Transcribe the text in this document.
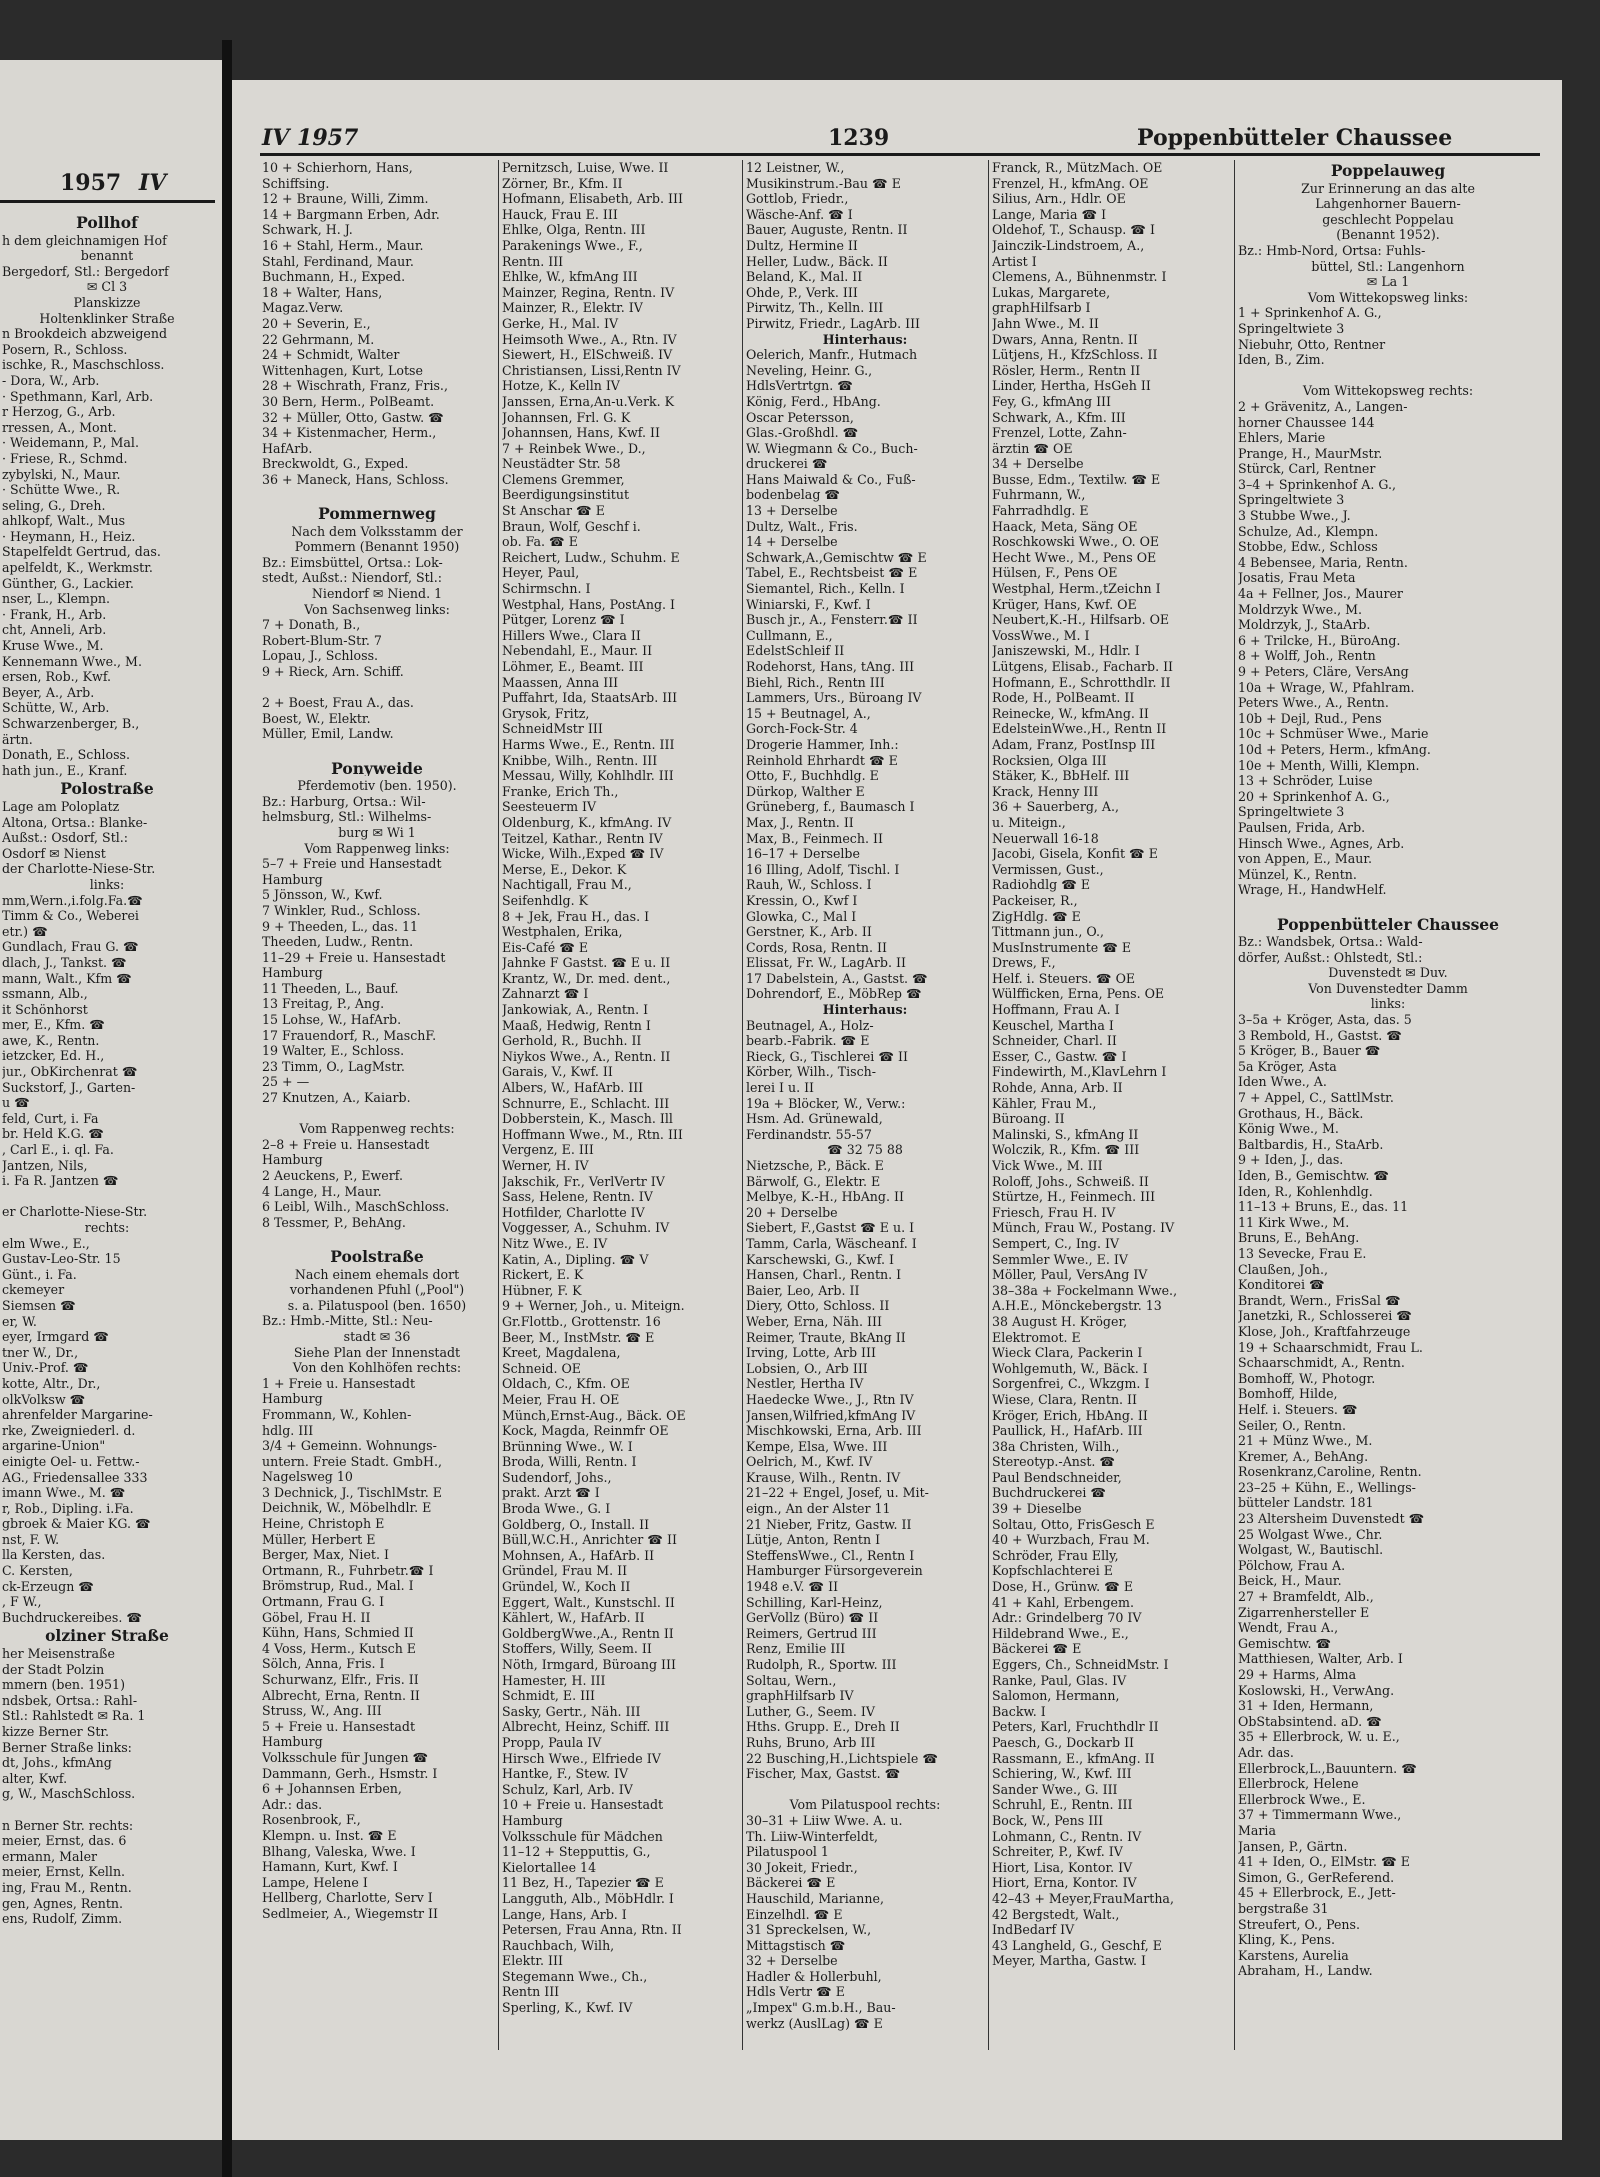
1957 IV
Pollhof
h dem gleichnamigen Hof
benannt
Bergedorf, Stl.: Bergedorf
✉ Cl 3
Planskizze
Holtenklinker Straße
n Brookdeich abzweigend
Posern, R., Schloss.
ischke, R., Maschschloss.
- Dora, W., Arb.
· Spethmann, Karl, Arb.
r Herzog, G., Arb.
rressen, A., Mont.
· Weidemann, P., Mal.
· Friese, R., Schmd.
zybylski, N., Maur.
· Schütte Wwe., R.
seling, G., Dreh.
ahlkopf, Walt., Mus
· Heymann, H., Heiz.
Stapelfeldt Gertrud, das.
apelfeldt, K., Werkmstr.
Günther, G., Lackier.
nser, L., Klempn.
· Frank, H., Arb.
cht, Anneli, Arb.
Kruse Wwe., M.
Kennemann Wwe., M.
ersen, Rob., Kwf.
Beyer, A., Arb.
Schütte, W., Arb.
Schwarzenberger, B.,
ärtn.
Donath, E., Schloss.
hath jun., E., Kranf.
Polostraße
Lage am Poloplatz
Altona, Ortsa.: Blanke-
Außst.: Osdorf, Stl.:
Osdorf ✉ Nienst
der Charlotte-Niese-Str.
links:
mm,Wern.,i.folg.Fa.☎
Timm & Co., Weberei
etr.) ☎
Gundlach, Frau G. ☎
dlach, J., Tankst. ☎
mann, Walt., Kfm ☎
ssmann, Alb.,
it Schönhorst
mer, E., Kfm. ☎
awe, K., Rentn.
ietzcker, Ed. H.,
jur., ObKirchenrat ☎
Suckstorf, J., Garten-
u ☎
feld, Curt, i. Fa
br. Held K.G. ☎
, Carl E., i. ql. Fa.
Jantzen, Nils,
i. Fa R. Jantzen ☎

er Charlotte-Niese-Str.
rechts:
elm Wwe., E.,
Gustav-Leo-Str. 15
Günt., i. Fa.
ckemeyer
Siemsen ☎
er, W.
eyer, Irmgard ☎
tner W., Dr.,
Univ.-Prof. ☎
kotte, Altr., Dr.,
olkVolksw ☎
ahrenfelder Margarine-
rke, Zweigniederl. d.
argarine-Union"
einigte Oel- u. Fettw.-
AG., Friedensallee 333
imann Wwe., M. ☎
r, Rob., Dipling. i.Fa.
gbroek & Maier KG. ☎
nst, F. W.
lla Kersten, das.
C. Kersten,
ck-Erzeugn ☎
, F W.,
Buchdruckereibes. ☎
olziner Straße
her Meisenstraße
der Stadt Polzin
mmern (ben. 1951)
ndsbek, Ortsa.: Rahl-
Stl.: Rahlstedt ✉ Ra. 1
kizze Berner Str.
Berner Straße links:
dt, Johs., kfmAng
alter, Kwf.
g, W., MaschSchloss.

n Berner Str. rechts:
meier, Ernst, das. 6
ermann, Maler
meier, Ernst, Kelln.
ing, Frau M., Rentn.
gen, Agnes, Rentn.
ens, Rudolf, Zimm.
IV 1957	1239	Poppenbütteler Chaussee
10 + Schierhorn, Hans,
Schiffsing.
12 + Braune, Willi, Zimm.
14 + Bargmann Erben, Adr.
Schwark, H. J.
16 + Stahl, Herm., Maur.
Stahl, Ferdinand, Maur.
Buchmann, H., Exped.
18 + Walter, Hans,
Magaz.Verw.
20 + Severin, E.,
22 Gehrmann, M.
24 + Schmidt, Walter
Wittenhagen, Kurt, Lotse
28 + Wischrath, Franz, Fris.,
30 Bern, Herm., PolBeamt.
32 + Müller, Otto, Gastw. ☎
34 + Kistenmacher, Herm.,
HafArb.
Breckwoldt, G., Exped.
36 + Maneck, Hans, Schloss.

Pommernweg
Nach dem Volksstamm der
Pommern (Benannt 1950)
Bz.: Eimsbüttel, Ortsa.: Lok-
stedt, Außst.: Niendorf, Stl.:
Niendorf ✉ Niend. 1
Von Sachsenweg links:
7 + Donath, B.,
Robert-Blum-Str. 7
Lopau, J., Schloss.
9 + Rieck, Arn. Schiff.

2 + Boest, Frau A., das.
Boest, W., Elektr.
Müller, Emil, Landw.

Ponyweide
Pferdemotiv (ben. 1950).
Bz.: Harburg, Ortsa.: Wil-
helmsburg, Stl.: Wilhelms-
burg ✉ Wi 1
Vom Rappenweg links:
5–7 + Freie und Hansestadt
Hamburg
5 Jönsson, W., Kwf.
7 Winkler, Rud., Schloss.
9 + Theeden, L., das. 11
Theeden, Ludw., Rentn.
11–29 + Freie u. Hansestadt
Hamburg
11 Theeden, L., Bauf.
13 Freitag, P., Ang.
15 Lohse, W., HafArb.
17 Frauendorf, R., MaschF.
19 Walter, E., Schloss.
23 Timm, O., LagMstr.
25 + —
27 Knutzen, A., Kaiarb.

Vom Rappenweg rechts:
2–8 + Freie u. Hansestadt
Hamburg
2 Aeuckens, P., Ewerf.
4 Lange, H., Maur.
6 Leibl, Wilh., MaschSchloss.
8 Tessmer, P., BehAng.

Poolstraße
Nach einem ehemals dort
vorhandenen Pfuhl („Pool")
s. a. Pilatuspool (ben. 1650)
Bz.: Hmb.-Mitte, Stl.: Neu-
stadt ✉ 36
Siehe Plan der Innenstadt
Von den Kohlhöfen rechts:
1 + Freie u. Hansestadt
Hamburg
Frommann, W., Kohlen-
hdlg. III
3/4 + Gemeinn. Wohnungs-
untern. Freie Stadt. GmbH.,
Nagelsweg 10
3 Dechnick, J., TischlMstr. E
Deichnik, W., Möbelhdlr. E
Heine, Christoph E
Müller, Herbert E
Berger, Max, Niet. I
Ortmann, R., Fuhrbetr.☎ I
Brömstrup, Rud., Mal. I
Ortmann, Frau G. I
Göbel, Frau H. II
Kühn, Hans, Schmied II
4 Voss, Herm., Kutsch E
Sölch, Anna, Fris. I
Schurwanz, Elfr., Fris. II
Albrecht, Erna, Rentn. II
Struss, W., Ang. III
5 + Freie u. Hansestadt
Hamburg
Volksschule für Jungen ☎
Dammann, Gerh., Hsmstr. I
6 + Johannsen Erben,
Adr.: das.
Rosenbrook, F.,
Klempn. u. Inst. ☎ E
Blhang, Valeska, Wwe. I
Hamann, Kurt, Kwf. I
Lampe, Helene I
Hellberg, Charlotte, Serv I
Sedlmeier, A., Wiegemstr II
Pernitzsch, Luise, Wwe. II
Zörner, Br., Kfm. II
Hofmann, Elisabeth, Arb. III
Hauck, Frau E. III
Ehlke, Olga, Rentn. III
Parakenings Wwe., F.,
Rentn. III
Ehlke, W., kfmAng III
Mainzer, Regina, Rentn. IV
Mainzer, R., Elektr. IV
Gerke, H., Mal. IV
Heimsoth Wwe., A., Rtn. IV
Siewert, H., ElSchweiß. IV
Christiansen, Lissi,Rentn IV
Hotze, K., Kelln IV
Janssen, Erna,An-u.Verk. K
Johannsen, Frl. G. K
Johannsen, Hans, Kwf. II
7 + Reinbek Wwe., D.,
Neustädter Str. 58
Clemens Gremmer,
Beerdigungsinstitut
St Anschar ☎ E
Braun, Wolf, Geschf i.
ob. Fa. ☎ E
Reichert, Ludw., Schuhm. E
Heyer, Paul,
Schirmschn. I
Westphal, Hans, PostAng. I
Pütger, Lorenz ☎ I
Hillers Wwe., Clara II
Nebendahl, E., Maur. II
Löhmer, E., Beamt. III
Maassen, Anna III
Puffahrt, Ida, StaatsArb. III
Grysok, Fritz,
SchneidMstr III
Harms Wwe., E., Rentn. III
Knibbe, Wilh., Rentn. III
Messau, Willy, Kohlhdlr. III
Franke, Erich Th.,
Seesteuerm IV
Oldenburg, K., kfmAng. IV
Teitzel, Kathar., Rentn IV
Wicke, Wilh.,Exped ☎ IV
Merse, E., Dekor. K
Nachtigall, Frau M.,
Seifenhdlg. K
8 + Jek, Frau H., das. I
Westphalen, Erika,
Eis-Café ☎ E
Jahnke F Gastst. ☎ E u. II
Krantz, W., Dr. med. dent.,
Zahnarzt ☎ I
Jankowiak, A., Rentn. I
Maaß, Hedwig, Rentn I
Gerhold, R., Buchh. II
Niykos Wwe., A., Rentn. II
Garais, V., Kwf. II
Albers, W., HafArb. III
Schnurre, E., Schlacht. III
Dobberstein, K., Masch. Ill
Hoffmann Wwe., M., Rtn. III
Vergenz, E. III
Werner, H. IV
Jakschik, Fr., VerlVertr IV
Sass, Helene, Rentn. IV
Hotfilder, Charlotte IV
Voggesser, A., Schuhm. IV
Nitz Wwe., E. IV
Katin, A., Dipling. ☎ V
Rickert, E. K
Hübner, F. K
9 + Werner, Joh., u. Miteign.
Gr.Flottb., Grottenstr. 16
Beer, M., InstMstr. ☎ E
Kreet, Magdalena,
Schneid. OE
Oldach, C., Kfm. OE
Meier, Frau H. OE
Münch,Ernst-Aug., Bäck. OE
Kock, Magda, Reinmfr OE
Brünning Wwe., W. I
Broda, Willi, Rentn. I
Sudendorf, Johs.,
prakt. Arzt ☎ I
Broda Wwe., G. I
Goldberg, O., Install. II
Büll,W.C.H., Anrichter ☎ II
Mohnsen, A., HafArb. II
Gründel, Frau M. II
Gründel, W., Koch II
Eggert, Walt., Kunstschl. II
Kählert, W., HafArb. II
GoldbergWwe.,A., Rentn II
Stoffers, Willy, Seem. II
Nöth, Irmgard, Büroang III
Hamester, H. III
Schmidt, E. III
Sasky, Gertr., Näh. III
Albrecht, Heinz, Schiff. III
Propp, Paula IV
Hirsch Wwe., Elfriede IV
Hantke, F., Stew. IV
Schulz, Karl, Arb. IV
10 + Freie u. Hansestadt
Hamburg
Volksschule für Mädchen
11–12 + Stepputtis, G.,
Kielortallee 14
11 Bez, H., Tapezier ☎ E
Langguth, Alb., MöbHdlr. I
Lange, Hans, Arb. I
Petersen, Frau Anna, Rtn. II
Rauchbach, Wilh,
Elektr. III
Stegemann Wwe., Ch.,
Rentn III
Sperling, K., Kwf. IV
12 Leistner, W.,
Musikinstrum.-Bau ☎ E
Gottlob, Friedr.,
Wäsche-Anf. ☎ I
Bauer, Auguste, Rentn. II
Dultz, Hermine II
Heller, Ludw., Bäck. II
Beland, K., Mal. II
Ohde, P., Verk. III
Pirwitz, Th., Kelln. III
Pirwitz, Friedr., LagArb. III
Hinterhaus:
Oelerich, Manfr., Hutmach
Neveling, Heinr. G.,
HdlsVertrtgn. ☎
König, Ferd., HbAng.
Oscar Petersson,
Glas.-Großhdl. ☎
W. Wiegmann & Co., Buch-
druckerei ☎
Hans Maiwald & Co., Fuß-
bodenbelag ☎
13 + Derselbe
Dultz, Walt., Fris.
14 + Derselbe
Schwark,A.,Gemischtw ☎ E
Tabel, E., Rechtsbeist ☎ E
Siemantel, Rich., Kelln. I
Winiarski, F., Kwf. I
Busch jr., A., Fensterr.☎ II
Cullmann, E.,
EdelstSchleif II
Rodehorst, Hans, tAng. III
Biehl, Rich., Rentn III
Lammers, Urs., Büroang IV
15 + Beutnagel, A.,
Gorch-Fock-Str. 4
Drogerie Hammer, Inh.:
Reinhold Ehrhardt ☎ E
Otto, F., Buchhdlg. E
Dürkop, Walther E
Grüneberg, f., Baumasch I
Max, J., Rentn. II
Max, B., Feinmech. II
16–17 + Derselbe
16 Illing, Adolf, Tischl. I
Rauh, W., Schloss. I
Kressin, O., Kwf I
Glowka, C., Mal I
Gerstner, K., Arb. II
Cords, Rosa, Rentn. II
Elissat, Fr. W., LagArb. II
17 Dabelstein, A., Gastst. ☎
Dohrendorf, E., MöbRep ☎
Hinterhaus:
Beutnagel, A., Holz-
bearb.-Fabrik. ☎ E
Rieck, G., Tischlerei ☎ II
Körber, Wilh., Tisch-
lerei I u. II
19a + Blöcker, W., Verw.:
Hsm. Ad. Grünewald,
Ferdinandstr. 55-57
☎ 32 75 88
Nietzsche, P., Bäck. E
Bärwolf, G., Elektr. E
Melbye, K.-H., HbAng. II
20 + Derselbe
Siebert, F.,Gastst ☎ E u. I
Tamm, Carla, Wäscheanf. I
Karschewski, G., Kwf. I
Hansen, Charl., Rentn. I
Baier, Leo, Arb. II
Diery, Otto, Schloss. II
Weber, Erna, Näh. III
Reimer, Traute, BkAng II
Irving, Lotte, Arb III
Lobsien, O., Arb III
Nestler, Hertha IV
Haedecke Wwe., J., Rtn IV
Jansen,Wilfried,kfmAng IV
Mischkowski, Erna, Arb. III
Kempe, Elsa, Wwe. III
Oelrich, M., Kwf. IV
Krause, Wilh., Rentn. IV
21–22 + Engel, Josef, u. Mit-
eign., An der Alster 11
21 Nieber, Fritz, Gastw. II
Lütje, Anton, Rentn I
SteffensWwe., Cl., Rentn I
Hamburger Fürsorgeverein
1948 e.V. ☎ II
Schilling, Karl-Heinz,
GerVollz (Büro) ☎ II
Reimers, Gertrud III
Renz, Emilie III
Rudolph, R., Sportw. III
Soltau, Wern.,
graphHilfsarb IV
Luther, G., Seem. IV
Hths. Grupp. E., Dreh II
Ruhs, Bruno, Arb III
22 Busching,H.,Lichtspiele ☎
Fischer, Max, Gastst. ☎

Vom Pilatuspool rechts:
30–31 + Liiw Wwe. A. u.
Th. Liiw-Winterfeldt,
Pilatuspool 1
30 Jokeit, Friedr.,
Bäckerei ☎ E
Hauschild, Marianne,
Einzelhdl. ☎ E
31 Spreckelsen, W.,
Mittagstisch ☎
32 + Derselbe
Hadler & Hollerbuhl,
Hdls Vertr ☎ E
„Impex" G.m.b.H., Bau-
werkz (AuslLag) ☎ E
Franck, R., MützMach. OE
Frenzel, H., kfmAng. OE
Silius, Arn., Hdlr. OE
Lange, Maria ☎ I
Oldehof, T., Schausp. ☎ I
Jainczik-Lindstroem, A.,
Artist I
Clemens, A., Bühnenmstr. I
Lukas, Margarete,
graphHilfsarb I
Jahn Wwe., M. II
Dwars, Anna, Rentn. II
Lütjens, H., KfzSchloss. II
Rösler, Herm., Rentn II
Linder, Hertha, HsGeh II
Fey, G., kfmAng III
Schwark, A., Kfm. III
Frenzel, Lotte, Zahn-
ärztin ☎ OE
34 + Derselbe
Busse, Edm., Textilw. ☎ E
Fuhrmann, W.,
Fahrradhdlg. E
Haack, Meta, Säng OE
Roschkowski Wwe., O. OE
Hecht Wwe., M., Pens OE
Hülsen, F., Pens OE
Westphal, Herm.,tZeichn I
Krüger, Hans, Kwf. OE
Neubert,K.-H., Hilfsarb. OE
VossWwe., M. I
Janiszewski, M., Hdlr. I
Lütgens, Elisab., Facharb. II
Hofmann, E., Schrotthdlr. II
Rode, H., PolBeamt. II
Reinecke, W., kfmAng. II
EdelsteinWwe.,H., Rentn II
Adam, Franz, PostInsp III
Rocksien, Olga III
Stäker, K., BbHelf. III
Krack, Henny III
36 + Sauerberg, A.,
u. Miteign.,
Neuerwall 16-18
Jacobi, Gisela, Konfit ☎ E
Vermissen, Gust.,
Radiohdlg ☎ E
Packeiser, R.,
ZigHdlg. ☎ E
Tittmann jun., O.,
MusInstrumente ☎ E
Drews, F.,
Helf. i. Steuers. ☎ OE
Wülfficken, Erna, Pens. OE
Hoffmann, Frau A. I
Keuschel, Martha I
Schneider, Charl. II
Esser, C., Gastw. ☎ I
Findewirth, M.,KlavLehrn I
Rohde, Anna, Arb. II
Kähler, Frau M.,
Büroang. II
Malinski, S., kfmAng II
Wolczik, R., Kfm. ☎ III
Vick Wwe., M. III
Roloff, Johs., Schweiß. II
Stürtze, H., Feinmech. III
Friesch, Frau H. IV
Münch, Frau W., Postang. IV
Sempert, C., Ing. IV
Semmler Wwe., E. IV
Möller, Paul, VersAng IV
38–38a + Fockelmann Wwe.,
A.H.E., Mönckebergstr. 13
38 August H. Kröger,
Elektromot. E
Wieck Clara, Packerin I
Wohlgemuth, W., Bäck. I
Sorgenfrei, C., Wkzgm. I
Wiese, Clara, Rentn. II
Kröger, Erich, HbAng. II
Paullick, H., HafArb. III
38a Christen, Wilh.,
Stereotyp.-Anst. ☎
Paul Bendschneider,
Buchdruckerei ☎
39 + Dieselbe
Soltau, Otto, FrisGesch E
40 + Wurzbach, Frau M.
Schröder, Frau Elly,
Kopfschlachterei E
Dose, H., Grünw. ☎ E
41 + Kahl, Erbengem.
Adr.: Grindelberg 70 IV
Hildebrand Wwe., E.,
Bäckerei ☎ E
Eggers, Ch., SchneidMstr. I
Ranke, Paul, Glas. IV
Salomon, Hermann,
Backw. I
Peters, Karl, Fruchthdlr II
Paesch, G., Dockarb II
Rassmann, E., kfmAng. II
Schiering, W., Kwf. III
Sander Wwe., G. III
Schruhl, E., Rentn. III
Bock, W., Pens III
Lohmann, C., Rentn. IV
Schreiter, P., Kwf. IV
Hiort, Lisa, Kontor. IV
Hiort, Erna, Kontor. IV
42–43 + Meyer,FrauMartha,
42 Bergstedt, Walt.,
IndBedarf IV
43 Langheld, G., Geschf, E
Meyer, Martha, Gastw. I
Poppelauweg
Zur Erinnerung an das alte
Lahgenhorner Bauern-
geschlecht Poppelau
(Benannt 1952).
Bz.: Hmb-Nord, Ortsa: Fuhls-
büttel, Stl.: Langenhorn
✉ La 1
Vom Wittekopsweg links:
1 + Sprinkenhof A. G.,
Springeltwiete 3
Niebuhr, Otto, Rentner
Iden, B., Zim.

Vom Wittekopsweg rechts:
2 + Grävenitz, A., Langen-
horner Chaussee 144
Ehlers, Marie
Prange, H., MaurMstr.
Stürck, Carl, Rentner
3–4 + Sprinkenhof A. G.,
Springeltwiete 3
3 Stubbe Wwe., J.
Schulze, Ad., Klempn.
Stobbe, Edw., Schloss
4 Bebensee, Maria, Rentn.
Josatis, Frau Meta
4a + Fellner, Jos., Maurer
Moldrzyk Wwe., M.
Moldrzyk, J., StaArb.
6 + Trilcke, H., BüroAng.
8 + Wolff, Joh., Rentn
9 + Peters, Cläre, VersAng
10a + Wrage, W., Pfahlram.
Peters Wwe., A., Rentn.
10b + Dejl, Rud., Pens
10c + Schmüser Wwe., Marie
10d + Peters, Herm., kfmAng.
10e + Menth, Willi, Klempn.
13 + Schröder, Luise
20 + Sprinkenhof A. G.,
Springeltwiete 3
Paulsen, Frida, Arb.
Hinsch Wwe., Agnes, Arb.
von Appen, E., Maur.
Münzel, K., Rentn.
Wrage, H., HandwHelf.

Poppenbütteler Chaussee
Bz.: Wandsbek, Ortsa.: Wald-
dörfer, Außst.: Ohlstedt, Stl.:
Duvenstedt ✉ Duv.
Von Duvenstedter Damm
links:
3–5a + Kröger, Asta, das. 5
3 Rembold, H., Gastst. ☎
5 Kröger, B., Bauer ☎
5a Kröger, Asta
Iden Wwe., A.
7 + Appel, C., SattlMstr.
Grothaus, H., Bäck.
König Wwe., M.
Baltbardis, H., StaArb.
9 + Iden, J., das.
Iden, B., Gemischtw. ☎
Iden, R., Kohlenhdlg.
11–13 + Bruns, E., das. 11
11 Kirk Wwe., M.
Bruns, E., BehAng.
13 Sevecke, Frau E.
Claußen, Joh.,
Konditorei ☎
Brandt, Wern., FrisSal ☎
Janetzki, R., Schlosserei ☎
Klose, Joh., Kraftfahrzeuge
19 + Schaarschmidt, Frau L.
Schaarschmidt, A., Rentn.
Bomhoff, W., Photogr.
Bomhoff, Hilde,
Helf. i. Steuers. ☎
Seiler, O., Rentn.
21 + Münz Wwe., M.
Kremer, A., BehAng.
Rosenkranz,Caroline, Rentn.
23–25 + Kühn, E., Wellings-
bütteler Landstr. 181
23 Altersheim Duvenstedt ☎
25 Wolgast Wwe., Chr.
Wolgast, W., Bautischl.
Pölchow, Frau A.
Beick, H., Maur.
27 + Bramfeldt, Alb.,
Zigarrenhersteller E
Wendt, Frau A.,
Gemischtw. ☎
Matthiesen, Walter, Arb. I
29 + Harms, Alma
Koslowski, H., VerwAng.
31 + Iden, Hermann,
ObStabsintend. aD. ☎
35 + Ellerbrock, W. u. E.,
Adr. das.
Ellerbrock,L.,Bauuntern. ☎
Ellerbrock, Helene
Ellerbrock Wwe., E.
37 + Timmermann Wwe.,
Maria
Jansen, P., Gärtn.
41 + Iden, O., ElMstr. ☎ E
Simon, G., GerReferend.
45 + Ellerbrock, E., Jett-
bergstraße 31
Streufert, O., Pens.
Kling, K., Pens.
Karstens, Aurelia
Abraham, H., Landw.
